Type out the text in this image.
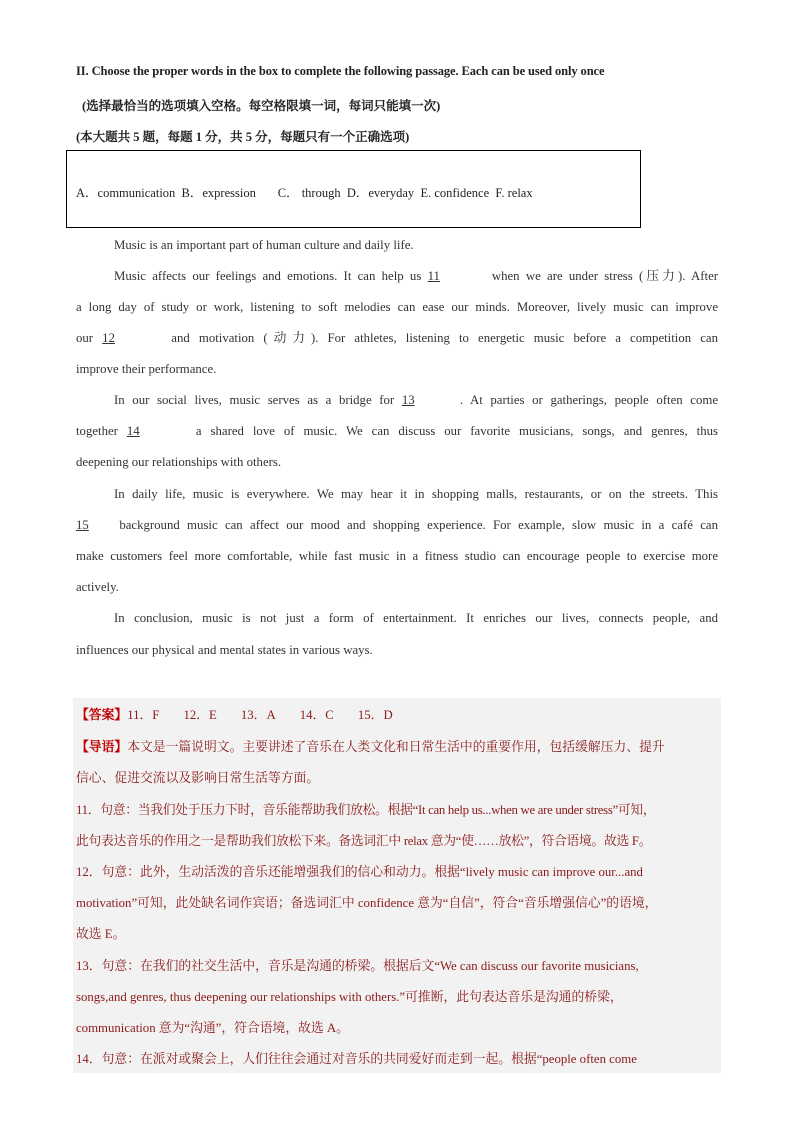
II. Choose the proper words in the box to complete the following passage. Each can be used only once
(选择最恰当的选项填入空格。每空格限填一词，每词只能填一次)
(本大题共 5 题，每题 1 分，共 5 分，每题只有一个正确选项)
A．communication B．expression C． through D．everyday E. confidence F. relax
Music is an important part of human culture and daily life.
Music affects our feelings and emotions. It can help us 11	when we are under stress (压力). After
a long day of study or work, listening to soft melodies can ease our minds. Moreover, lively music can improve
our 12	and motivation (动力). For athletes, listening to energetic music before a competition can
improve their performance.
In our social lives, music serves as a bridge for 13	. At parties or gatherings, people often come
together 14	a shared love of music. We can discuss our favorite musicians, songs, and genres, thus
deepening our relationships with others.
In daily life, music is everywhere. We may hear it in shopping malls, restaurants, or on the streets. This
15 background music can affect our mood and shopping experience. For example, slow music in a café can
make customers feel more comfortable, while fast music in a fitness studio can encourage people to exercise more
actively.
In conclusion, music is not just a form of entertainment. It enriches our lives, connects people, and
influences our physical and mental states in various ways.
【答案】11．F 12．E 13．A 14．C 15．D
【导语】本文是一篇说明文。主要讲述了音乐在人类文化和日常生活中的重要作用，包括缓解压力、提升
信心、促进交流以及影响日常生活等方面。
11．句意：当我们处于压力下时，音乐能帮助我们放松。根据“It can help us...when we are under stress”可知，
此句表达音乐的作用之一是帮助我们放松下来。备选词汇中 relax 意为“使……放松”，符合语境。故选 F。
12．句意：此外，生动活泼的音乐还能增强我们的信心和动力。根据“lively music can improve our...and
motivation”可知，此处缺名词作宾语；备选词汇中 confidence 意为“自信”，符合“音乐增强信心”的语境，
故选 E。
13．句意：在我们的社交生活中，音乐是沟通的桥梁。根据后文“We can discuss our favorite musicians,
songs,and genres, thus deepening our relationships with others.”可推断，此句表达音乐是沟通的桥梁，
communication 意为“沟通”，符合语境，故选 A。
14．句意：在派对或聚会上，人们往往会通过对音乐的共同爱好而走到一起。根据“people often come
